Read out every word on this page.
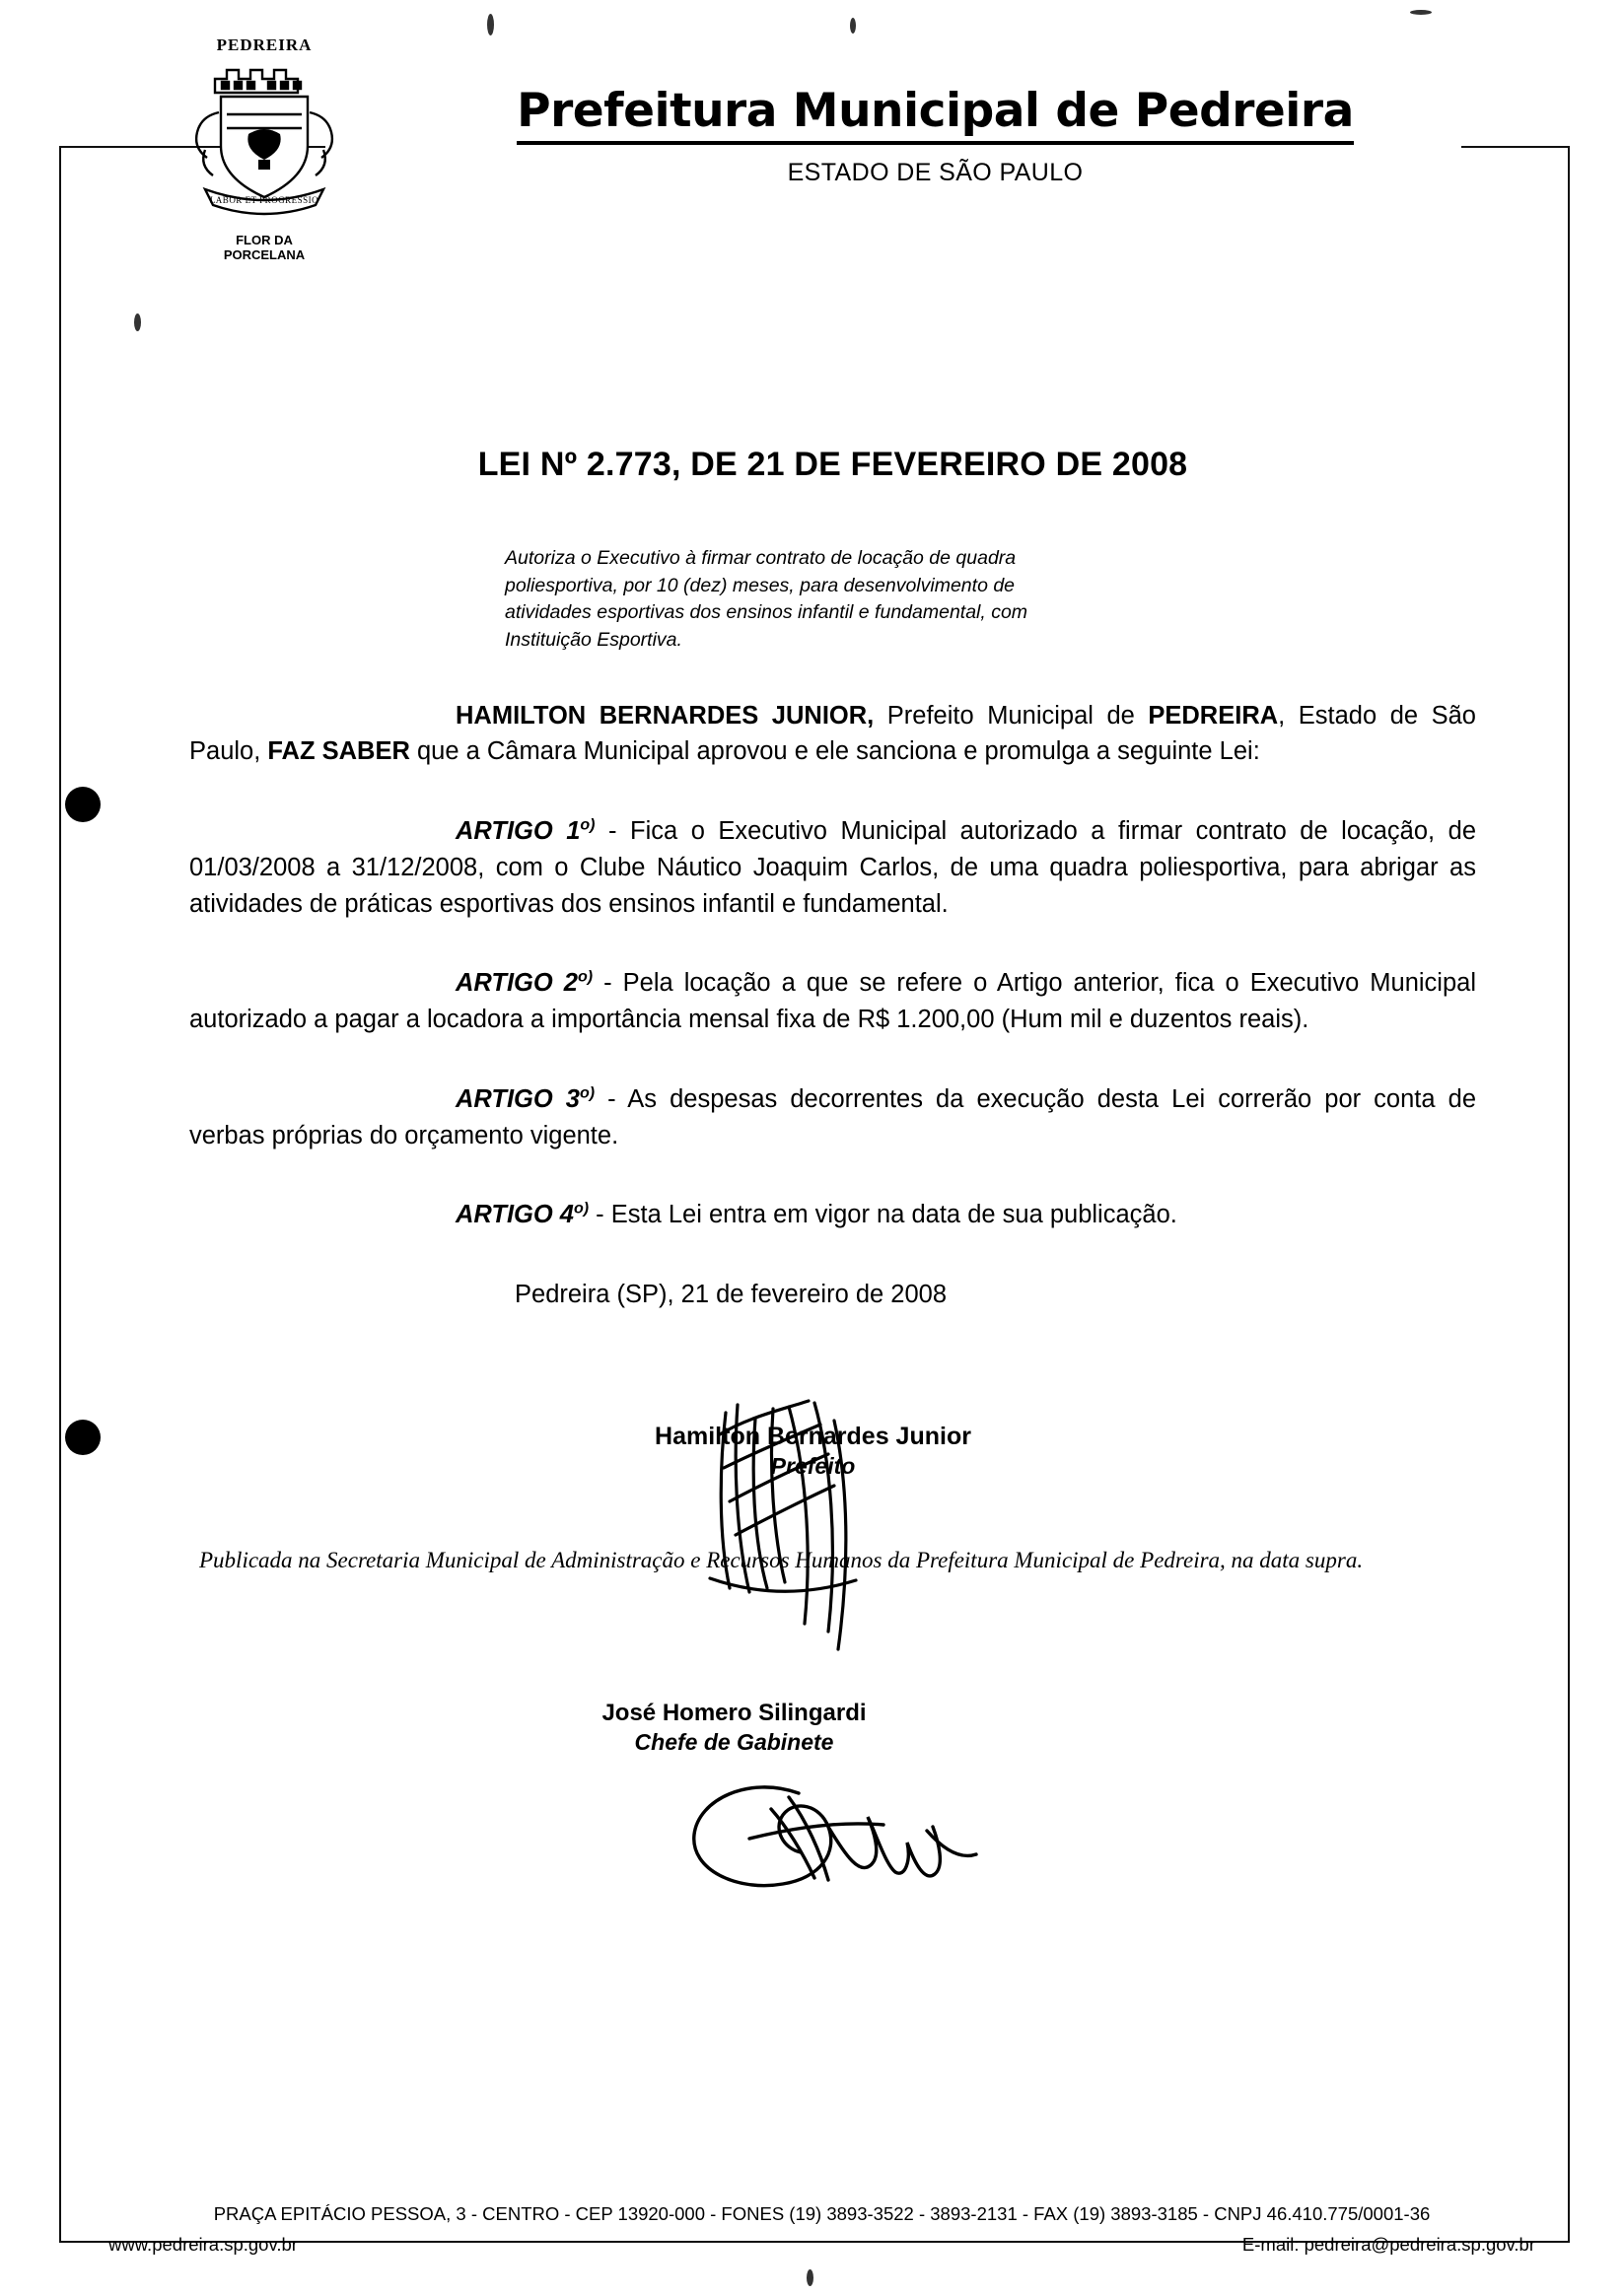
PEDREIRA
LABOR ET PROGRESSIO
FLOR DA
PORCELANA
Prefeitura Municipal de Pedreira
ESTADO DE SÃO PAULO
LEI Nº 2.773, DE 21 DE FEVEREIRO DE 2008
Autoriza o Executivo à firmar contrato de locação de quadra poliesportiva, por 10 (dez) meses, para desenvolvimento de atividades esportivas dos ensinos infantil e fundamental, com Instituição Esportiva.
HAMILTON BERNARDES JUNIOR, Prefeito Municipal de PEDREIRA, Estado de São Paulo, FAZ SABER que a Câmara Municipal aprovou e ele sanciona e promulga a seguinte Lei:
ARTIGO 1$^{o)}$ - Fica o Executivo Municipal autorizado a firmar contrato de locação, de 01/03/2008 a 31/12/2008, com o Clube Náutico Joaquim Carlos, de uma quadra poliesportiva, para abrigar as atividades de práticas esportivas dos ensinos infantil e fundamental.
ARTIGO 2$^{o)}$ - Pela locação a que se refere o Artigo anterior, fica o Executivo Municipal autorizado a pagar a locadora a importância mensal fixa de R$ 1.200,00 (Hum mil e duzentos reais).
ARTIGO 3$^{o)}$ - As despesas decorrentes da execução desta Lei correrão por conta de verbas próprias do orçamento vigente.
ARTIGO 4$^{o)}$ - Esta Lei entra em vigor na data de sua publicação.
Pedreira (SP), 21 de fevereiro de 2008
Hamilton Bernardes Junior
Prefeito
Publicada na Secretaria Municipal de Administração e Recursos Humanos da Prefeitura Municipal de Pedreira, na data supra.
José Homero Silingardi
Chefe de Gabinete
PRAÇA EPITÁCIO PESSOA, 3 - CENTRO - CEP 13920-000 - FONES (19) 3893-3522 - 3893-2131 - FAX (19) 3893-3185 - CNPJ 46.410.775/0001-36
www.pedreira.sp.gov.br	E-mail: pedreira@pedreira.sp.gov.br
